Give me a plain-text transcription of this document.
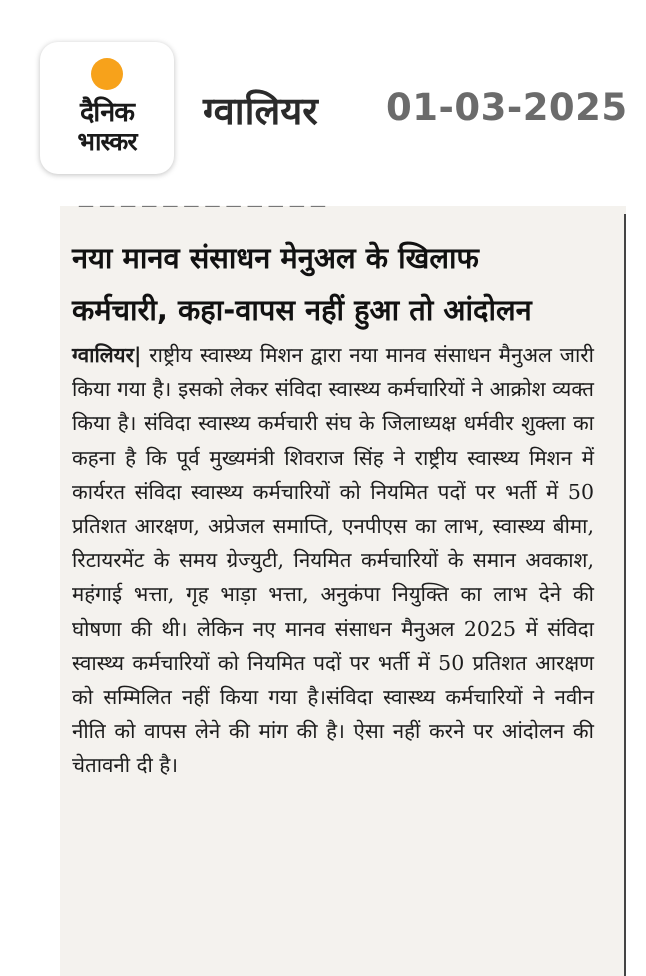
दैनिक
भास्कर
ग्वालियर 01-03-2025
— — — — — — — — — — — —
नया मानव संसाधन मेनुअल के खिलाफ
कर्मचारी, कहा-वापस नहीं हुआ तो आंदोलन
ग्वालियर| राष्ट्रीय स्वास्थ्य मिशन द्वारा नया मानव संसाधन मैनुअल जारी किया गया है। इसको लेकर संविदा स्वास्थ्य कर्मचारियों ने आक्रोश व्यक्त किया है। संविदा स्वास्थ्य कर्मचारी संघ के जिलाध्यक्ष धर्मवीर शुक्ला का कहना है कि पूर्व मुख्यमंत्री शिवराज सिंह ने राष्ट्रीय स्वास्थ्य मिशन में कार्यरत संविदा स्वास्थ्य कर्मचारियों को नियमित पदों पर भर्ती में 50 प्रतिशत आरक्षण, अप्रेजल समाप्ति, एनपीएस का लाभ, स्वास्थ्य बीमा, रिटायरमेंट के समय ग्रेज्युटी, नियमित कर्मचारियों के समान अवकाश, महंगाई भत्ता, गृह भाड़ा भत्ता, अनुकंपा नियुक्ति का लाभ देने की घोषणा की थी। लेकिन नए मानव संसाधन मैनुअल 2025 में संविदा स्वास्थ्य कर्मचारियों को नियमित पदों पर भर्ती में 50 प्रतिशत आरक्षण को सम्मिलित नहीं किया गया है।संविदा स्वास्थ्य कर्मचारियों ने नवीन नीति को वापस लेने की मांग की है। ऐसा नहीं करने पर आंदोलन की चेतावनी दी है।
